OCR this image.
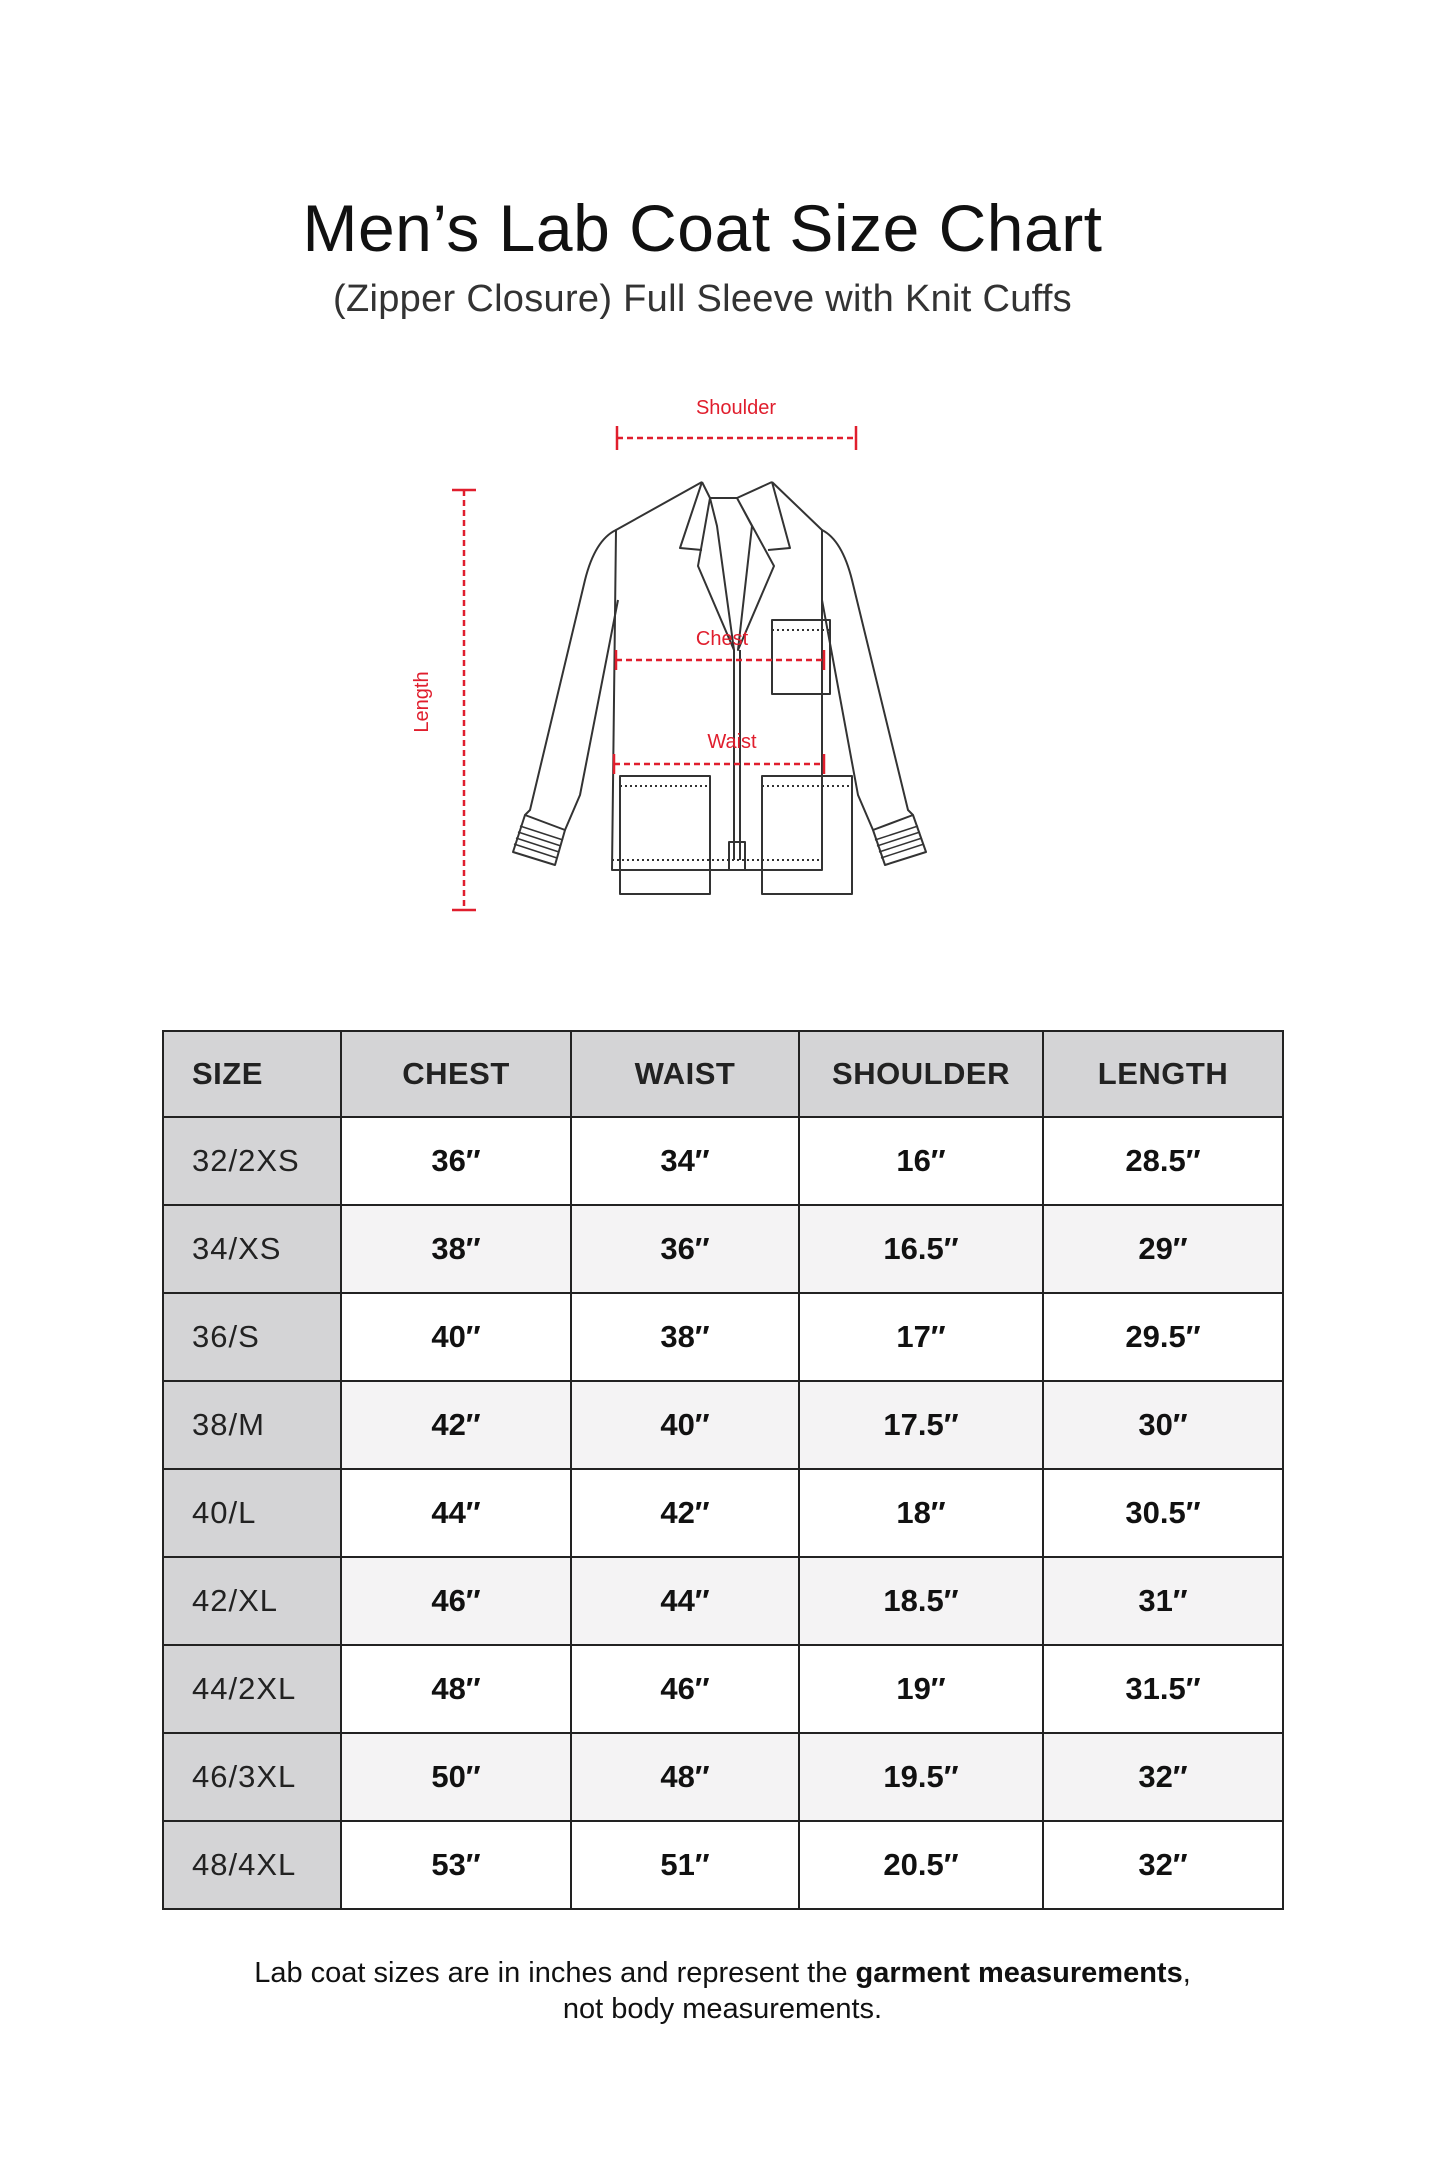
Men’s Lab Coat Size Chart
(Zipper Closure) Full Sleeve with Knit Cuffs
Shoulder
Chest
Waist
Length
SIZE	CHEST	WAIST	SHOULDER	LENGTH
32/2XS	36″	34″	16″	28.5″
34/XS	38″	36″	16.5″	29″
36/S	40″	38″	17″	29.5″
38/M	42″	40″	17.5″	30″
40/L	44″	42″	18″	30.5″
42/XL	46″	44″	18.5″	31″
44/2XL	48″	46″	19″	31.5″
46/3XL	50″	48″	19.5″	32″
48/4XL	53″	51″	20.5″	32″
Lab coat sizes are in inches and represent the garment measurements,
not body measurements.
